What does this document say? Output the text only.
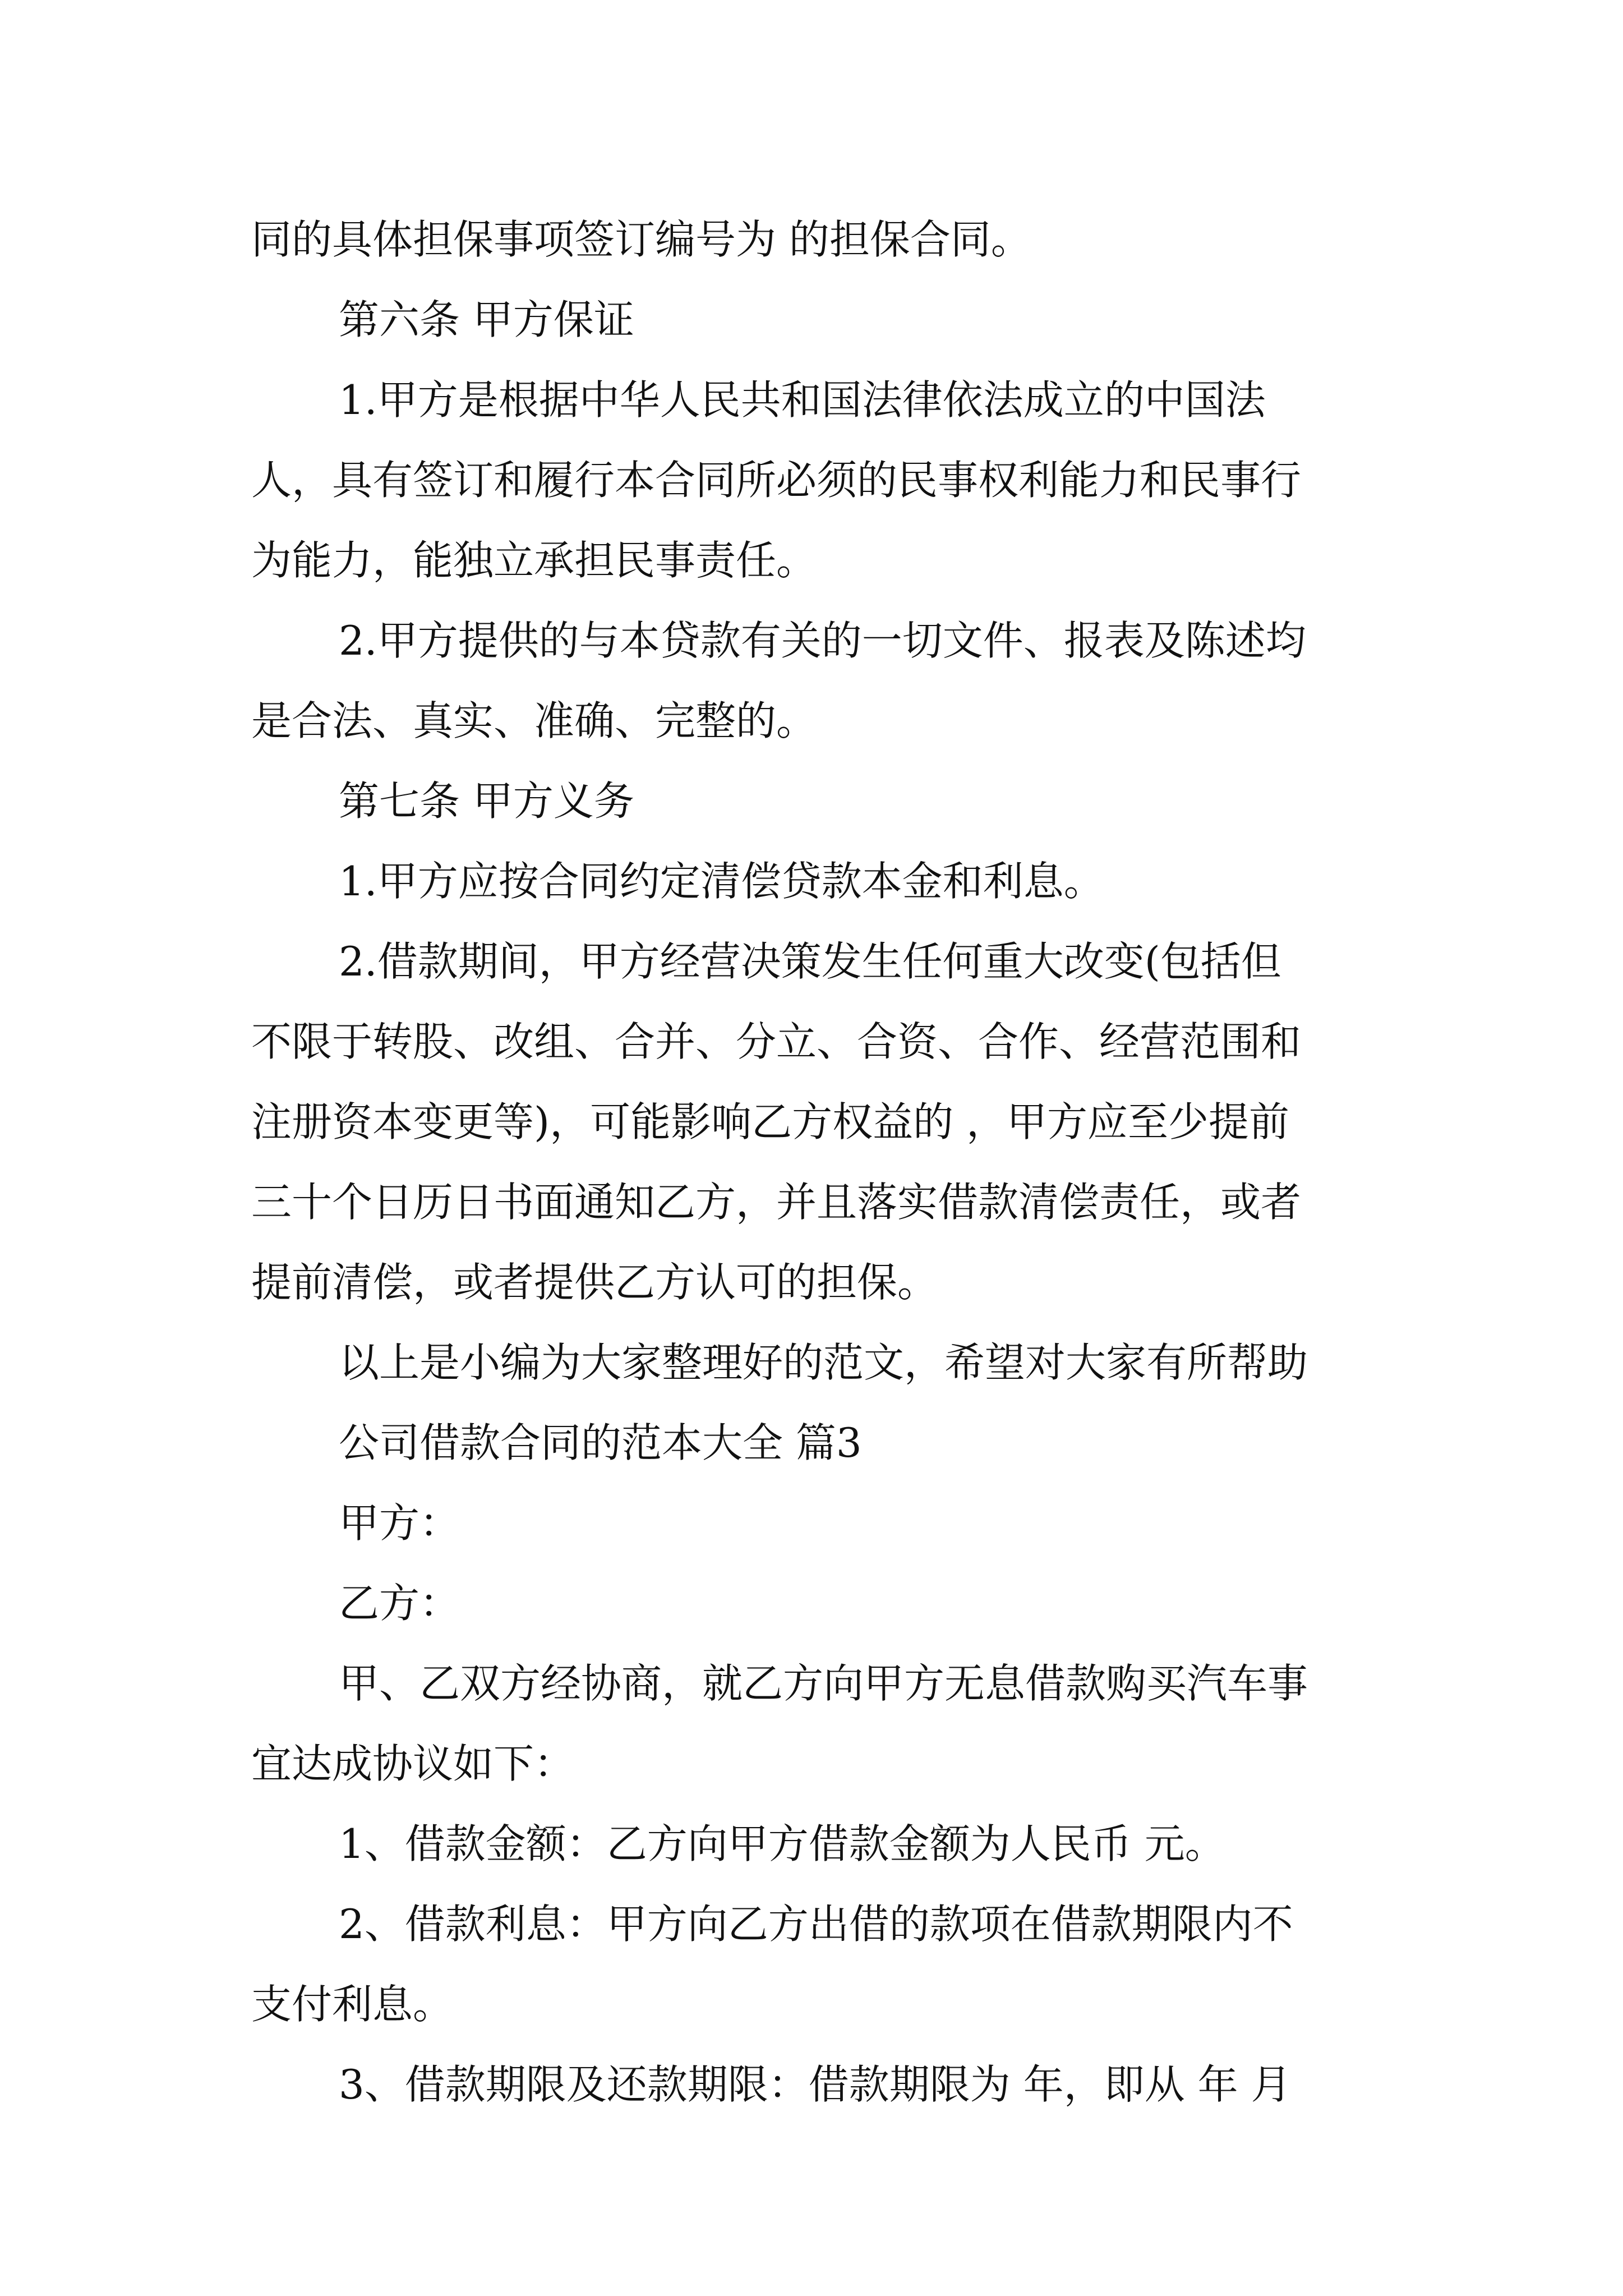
同的具体担保事项签订编号为 的担保合同。
第六条 甲方保证
1.甲方是根据中华人民共和国法律依法成立的中国法
人，具有签订和履行本合同所必须的民事权利能力和民事行
为能力，能独立承担民事责任。
2.甲方提供的与本贷款有关的一切文件、报表及陈述均
是合法、真实、准确、完整的。
第七条 甲方义务
1.甲方应按合同约定清偿贷款本金和利息。
2.借款期间，甲方经营决策发生任何重大改变(包括但
不限于转股、改组、合并、分立、合资、合作、经营范围和
注册资本变更等)，可能影响乙方权益的 ，甲方应至少提前
三十个日历日书面通知乙方，并且落实借款清偿责任，或者
提前清偿，或者提供乙方认可的担保。
以上是小编为大家整理好的范文，希望对大家有所帮助
公司借款合同的范本大全 篇3
甲方：
乙方：
甲、乙双方经协商，就乙方向甲方无息借款购买汽车事
宜达成协议如下：
1、借款金额：乙方向甲方借款金额为人民币 元。
2、借款利息：甲方向乙方出借的款项在借款期限内不
支付利息。
3、借款期限及还款期限：借款期限为 年，即从 年 月
